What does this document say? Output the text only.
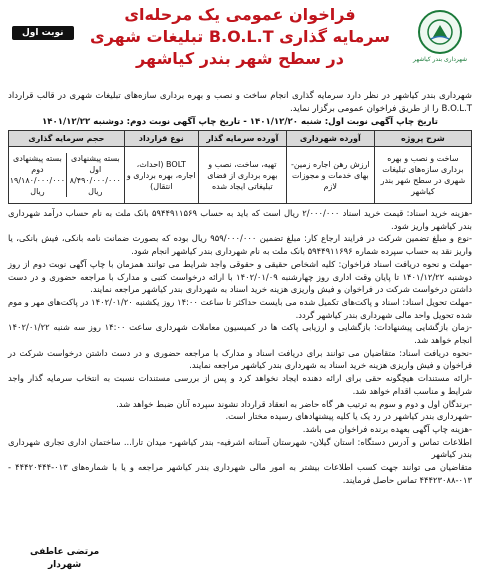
شهرداری بندر کیاشهر
نوبت اول
فراخوان عمومی یک مرحله‌ای
سرمایه گذاری B.O.L.T تبلیغات شهری
در سطح شهر بندر کیاشهر

شهرداری بندر کیاشهر در نظر دارد سرمایه گذاری انجام ساخت و نصب و بهره برداری سازه‌های تبلیغات شهری در قالب قرارداد B.O.L.T را از طریق فراخوان عمومی برگزار نماید.

تاریخ چاپ آگهی نوبت اول: شنبه ۱۴۰۱/۱۲/۲۰ - تاریخ چاپ آگهی نوبت دوم: دوشنبه ۱۴۰۱/۱۲/۲۲
شرح پروژه	آورده شهرداری	آورده سرمایه گذار	نوع قرارداد	حجم سرمایه گذاری
ساخت و نصب و بهره برداری سازه‌های تبلیغات شهری در سطح شهر بندر کیاشهر	ارزش رهن اجاره زمین- بهای خدمات و مجوزات لازم	تهیه، ساخت، نصب و بهره برداری از فضای تبلیغاتی ایجاد شده	BOLT (احداث، اجاره، بهره برداری و انتقال)	بسته پیشنهادی اول
۸/۴۹۰/۰۰۰/۰۰۰ ریال
بسته پیشنهادی دوم
۱۹/۱۸۰/۰۰۰/۰۰۰ ریال

-هزینه خرید اسناد: قیمت خرید اسناد ۲/۰۰۰/۰۰۰ ریال است که باید به حساب ۵۹۴۴۹۱۱۵۶۹ بانک ملت به نام حساب درآمد شهرداری بندر کیاشهر واریز شود.

-نوع و مبلغ تضمین شرکت در فرایند ارجاع کار: مبلغ تضمین ۹۵۹/۰۰۰/۰۰۰ ریال بوده که بصورت ضمانت نامه بانکی، فیش بانکی، یا واریز نقد به حساب سپرده شماره ۵۹۴۴۹۱۱۶۹۶ بانک ملت به نام شهرداری بندر کیاشهر انجام شود.

-مهلت و نحوه دریافت اسناد فراخوان: کلیه اشخاص حقیقی و حقوقی واجد شرایط می توانند همزمان با چاپ آگهی نوبت دوم از روز دوشنبه ۱۴۰۱/۱۲/۲۲ تا پایان وقت اداری روز چهارشنبه ۱۴۰۲/۰۱/۰۹ با ارائه درخواست کتبی و مدارک با مراجعه حضوری و در دست داشتن درخواست شرکت در فراخوان و فیش واریزی هزینه خرید اسناد به شهرداری بندر کیاشهر مراجعه نمایند.

-مهلت تحویل اسناد: اسناد و پاکت‌های تکمیل شده می بایست حداکثر تا ساعت ۱۴:۰۰ روز یکشنبه ۱۴۰۲/۰۱/۲۰ در پاکت‌های مهر و موم شده تحویل واحد مالی شهرداری بندر کیاشهر گردد.

-زمان بازگشایی پیشنهادات: بازگشایی و ارزیابی پاکت ها در کمیسیون معاملات شهرداری ساعت ۱۴:۰۰ روز سه شنبه ۱۴۰۲/۰۱/۲۲ انجام خواهد شد.

-نحوه دریافت اسناد: متقاضیان می توانند برای دریافت اسناد و مدارک با مراجعه حضوری و در دست داشتن درخواست شرکت در فراخوان و فیش واریزی هزینه خرید اسناد به شهرداری بندر کیاشهر مراجعه نمایند.

-ارائه مستندات هیچگونه حقی برای ارائه دهنده ایجاد نخواهد کرد و پس از بررسی مستندات نسبت به انتخاب سرمایه گذار واجد شرایط و مناسب اقدام خواهد شد.

-برندگان اول و دوم و سوم به ترتیب هر گاه حاضر به انعقاد قرارداد نشوند سپرده آنان ضبط خواهد شد.

-شهرداری بندر کیاشهر در رد یک یا کلیه پیشنهادهای رسیده مختار است.

-هزینه چاپ آگهی بعهده برنده فراخوان می باشد.

اطلاعات تماس و آدرس دستگاه: استان گیلان- شهرستان آستانه اشرفیه- بندر کیاشهر- میدان تارا... ساختمان اداری تجاری شهرداری بندر کیاشهر

متقاضیان می توانند جهت کسب اطلاعات بیشتر به امور مالی شهرداری بندر کیاشهر مراجعه و یا با شماره‌های ۰۱۳-۴۴۴۲۰۴۴۴ - ۰۱۳-۴۴۴۲۳۰۸۸ تماس حاصل فرمایند.

مرتضی عاطفی
شهردار
